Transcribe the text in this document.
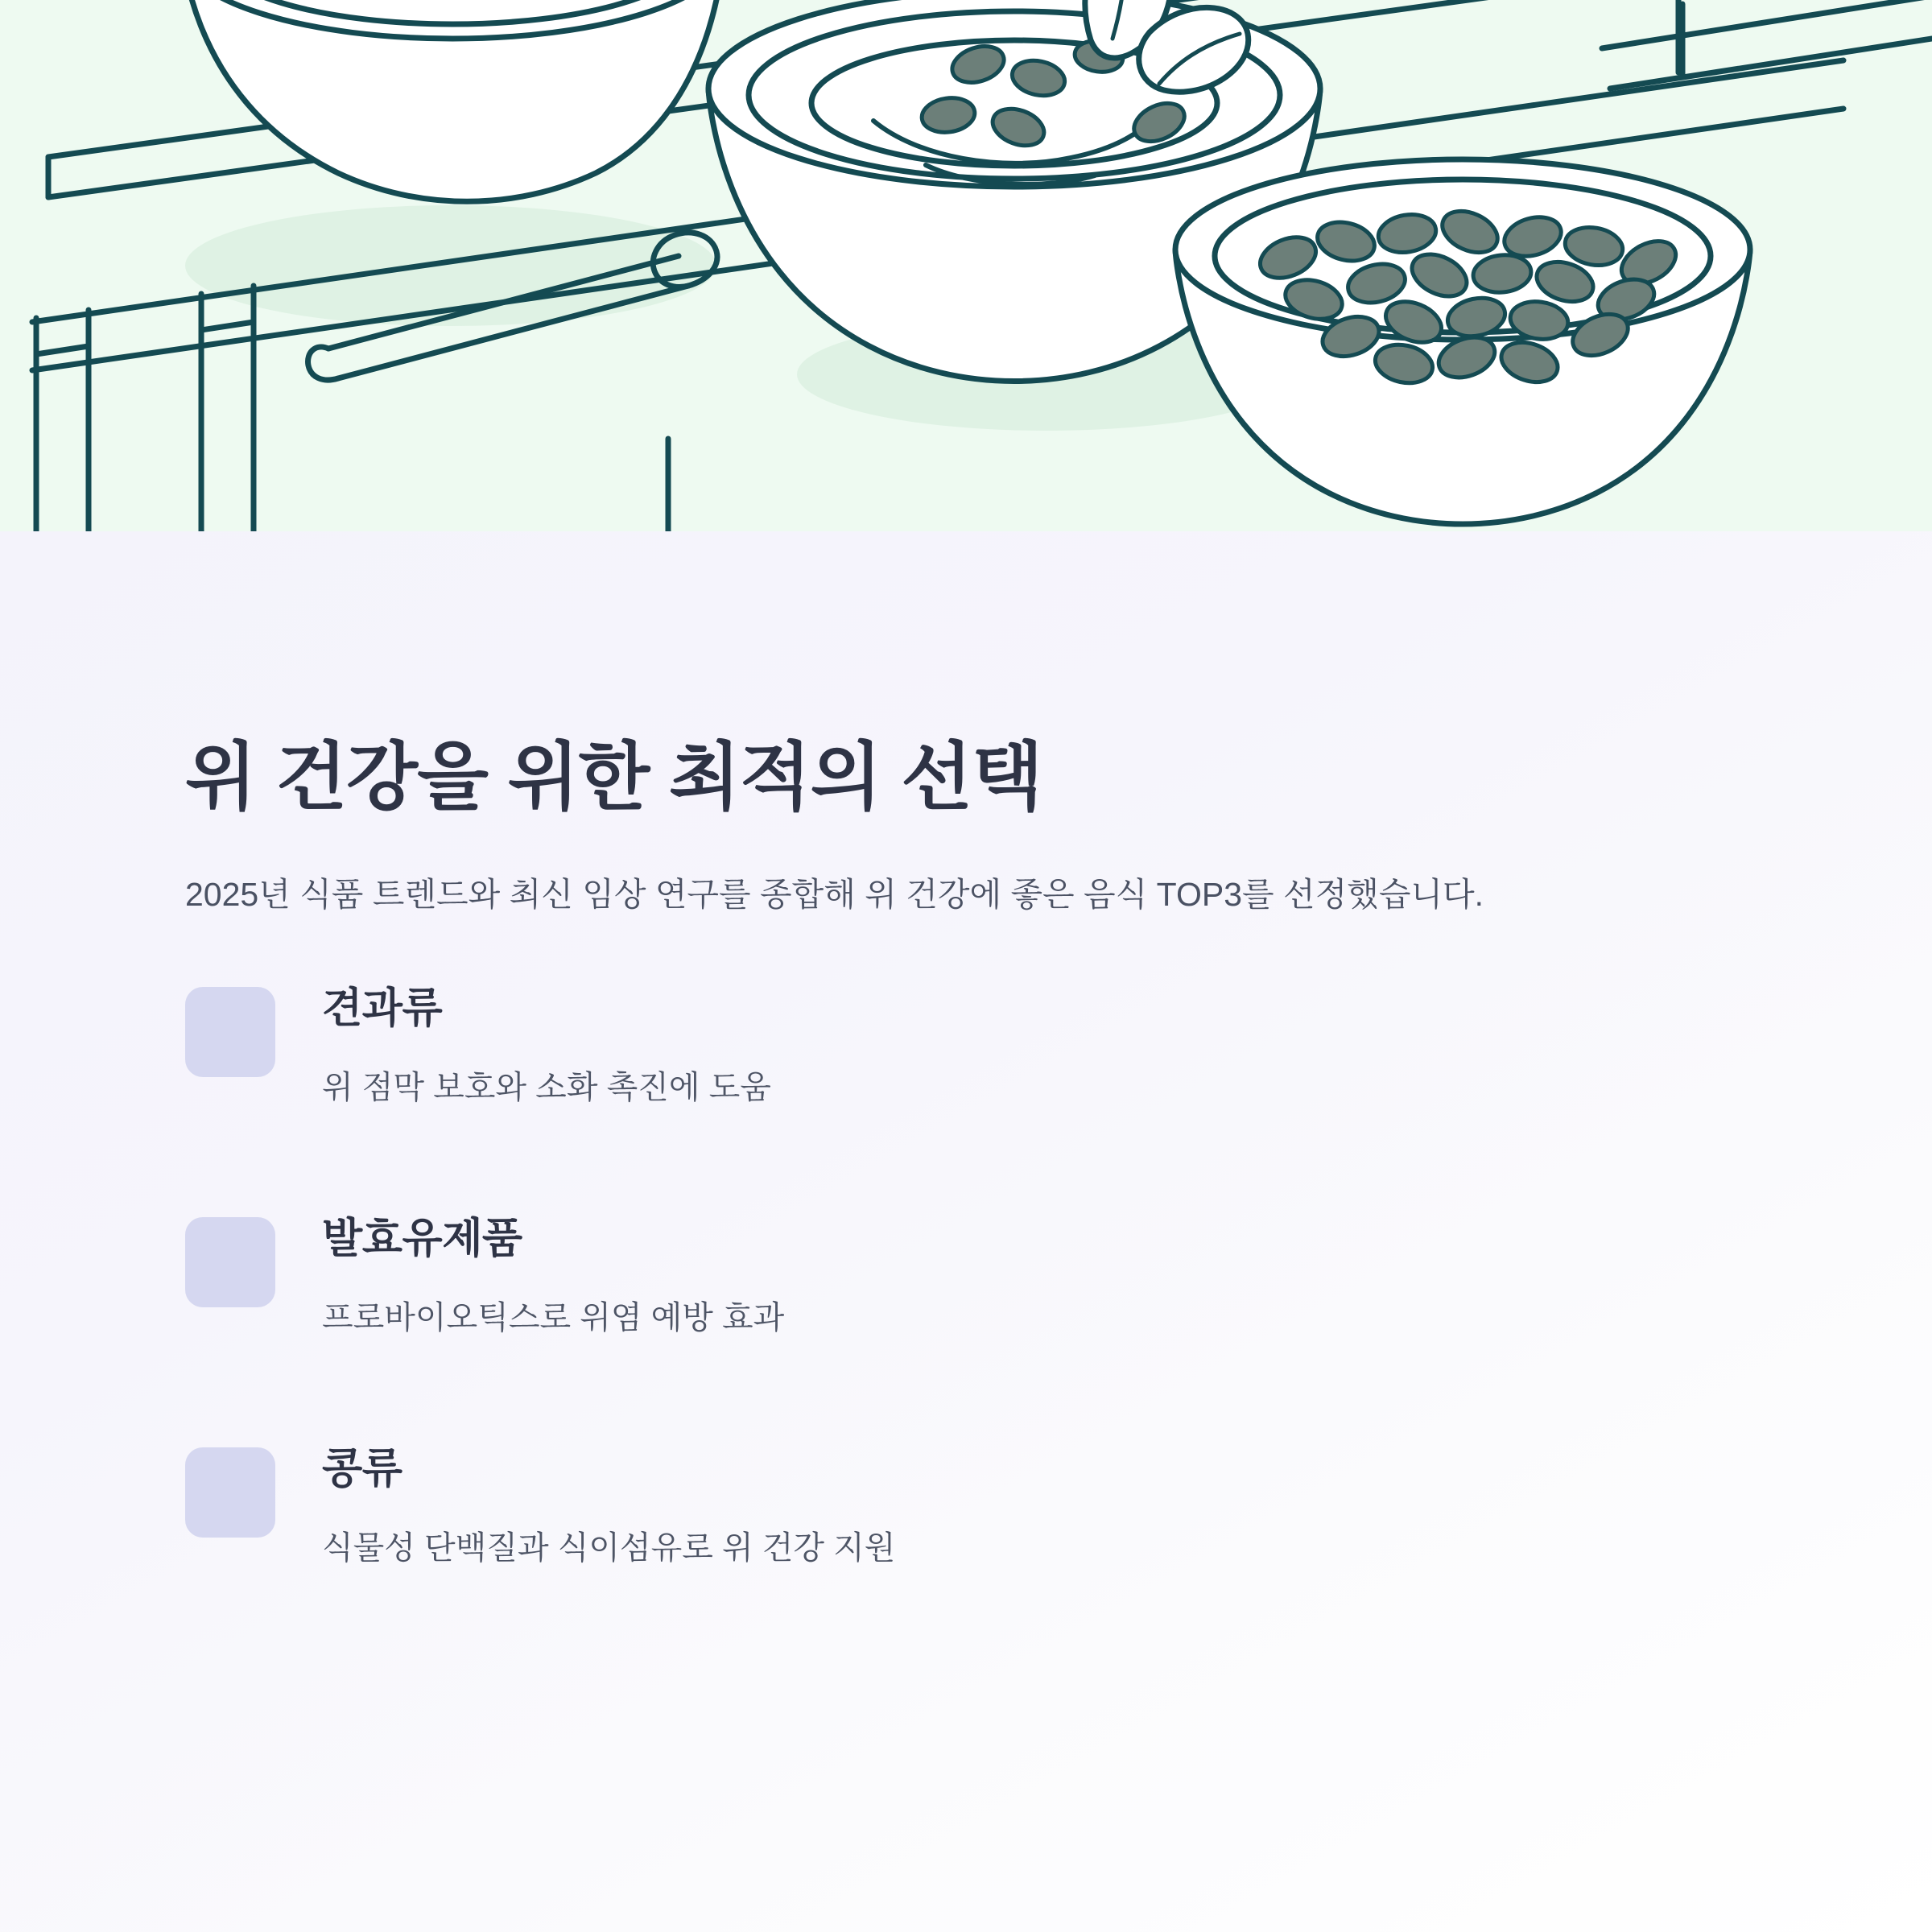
위 건강을 위한 최적의 선택

2025년 식품 트렌드와 최신 임상 연구를 종합해 위 건강에 좋은 음식 TOP3를 선정했습니다.

견과류
위 점막 보호와 소화 촉진에 도움
발효유제품
프로바이오틱스로 위염 예방 효과
콩류
식물성 단백질과 식이섬유로 위 건강 지원
